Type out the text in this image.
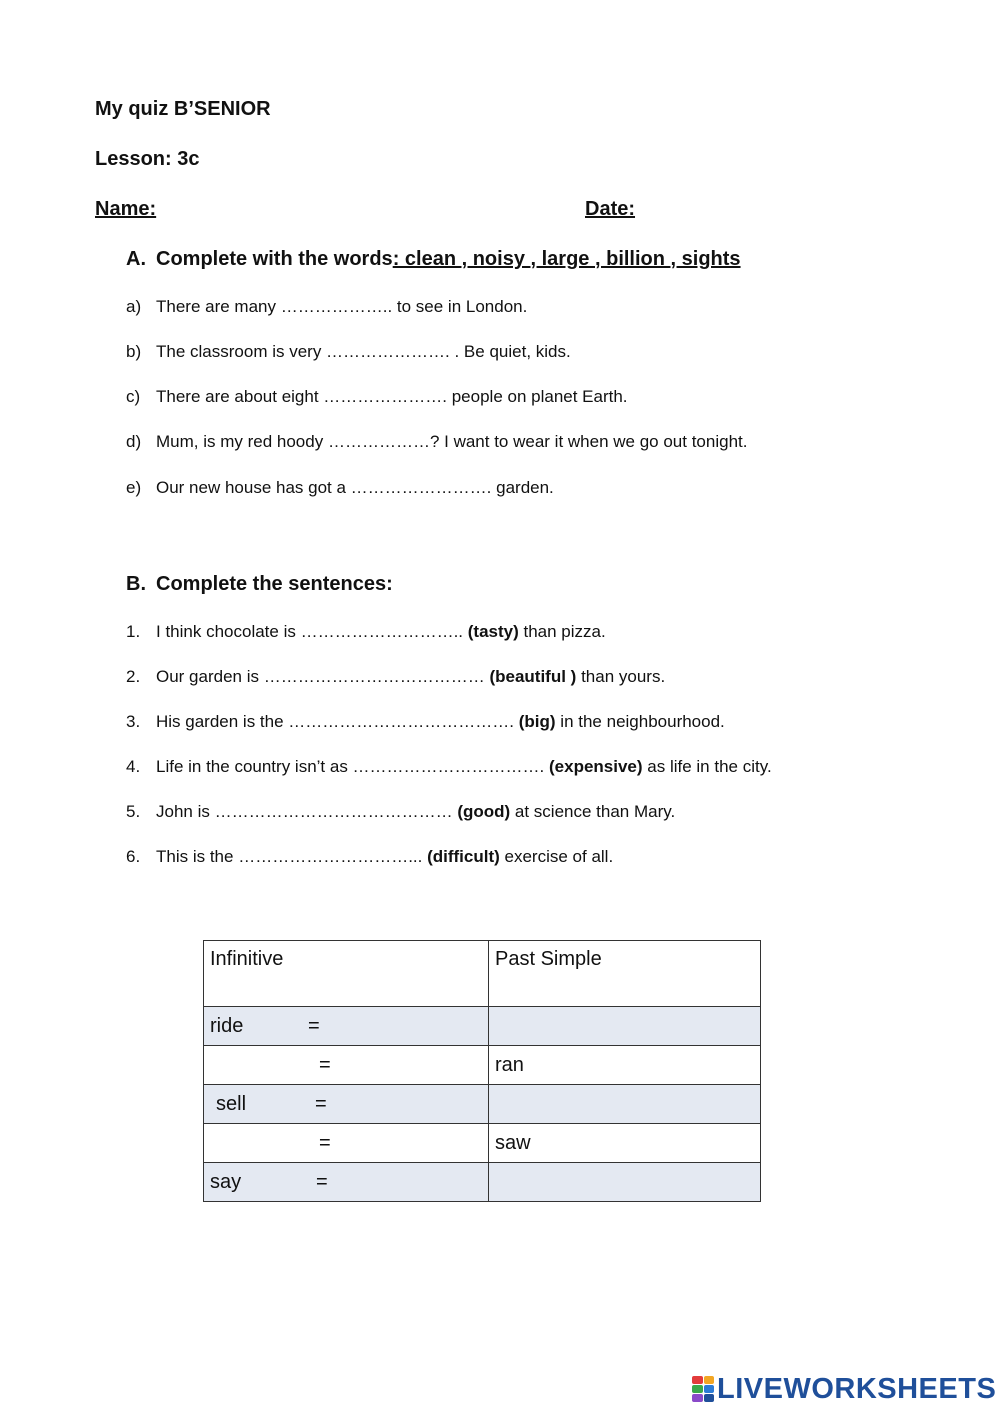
My quiz B’SENIOR
Lesson: 3c
Name:	Date:
A. Complete with the words: clean , noisy , large , billion , sights
a) There are many ……………….. to see in London.
b) The classroom is very …………………. . Be quiet, kids.
c) There are about eight …………………. people on planet Earth.
d) Mum, is my red hoody ………………? I want to wear it when we go out tonight.
e) Our new house has got a ……………………. garden.
B. Complete the sentences:
1. I think chocolate is ……………………….. (tasty) than pizza.
2. Our garden is ………………………………… (beautiful ) than yours.
3. His garden is the …………………………………. (big) in the neighbourhood.
4. Life in the country isn’t as ……………………………. (expensive) as life in the city.
5. John is …………………………………… (good) at science than Mary.
6. This is the …………………………... (difficult) exercise of all.
Infinitive	Past Simple
ride =	

=	ran
sell =	

=	saw
say =	

LIVEWORKSHEETS
